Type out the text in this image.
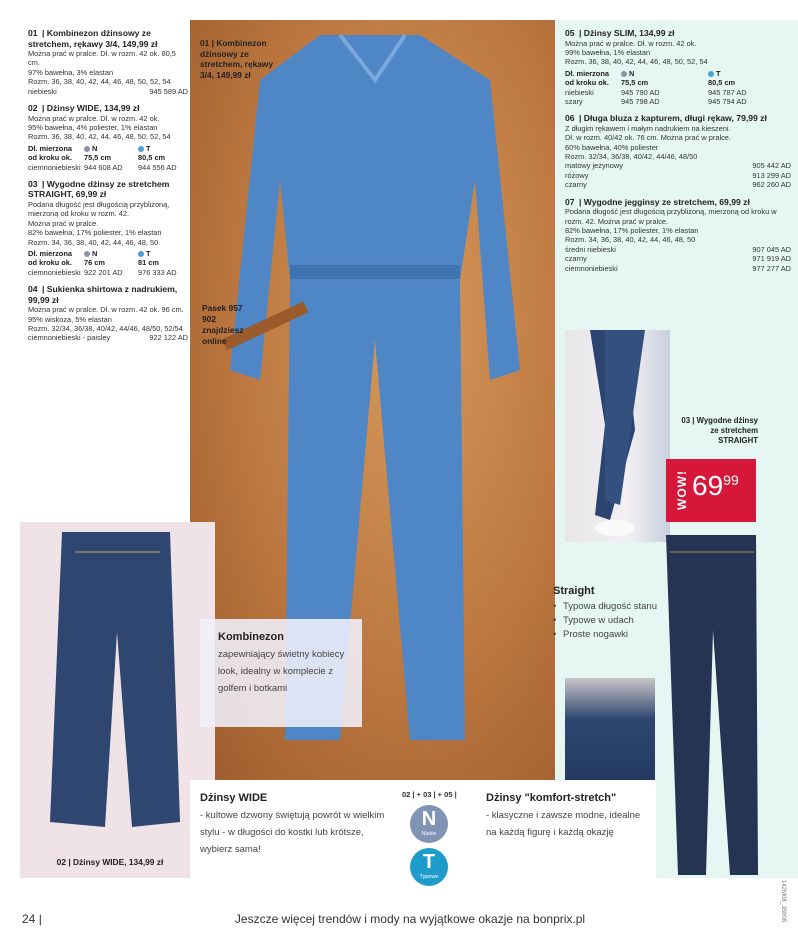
01 | Kombinezon dżinsowy ze stretchem, rękawy 3/4, 149,99 zł
Pasek 957 902 znajdziesz online
Kombinezon
zapewniający świetny kobiecy look, idealny w komplecie z golfem i botkami
01 | Kombinezon dżinsowy ze stretchem, rękawy 3/4, 149,99 zł
Można prać w pralce. Dł. w rozm. 42 ok. 80,5 cm.
97% bawełna, 3% elastan
Rozm. 36, 38, 40, 42, 44, 46, 48, 50, 52, 54
niebieski	945 589 AD
02 | Dżinsy WIDE, 134,99 zł
Można prać w pralce. Dł. w rozm. 42 ok.
95% bawełna, 4% poliester, 1% elastan
Rozm. 36, 38, 40, 42, 44, 46, 48, 50, 52, 54
Dł. mierzona od kroku ok.
N	T
75,5 cm	80,5 cm
ciemnoniebieski 944 608 AD	944 556 AD
03 | Wygodne dżinsy ze stretchem STRAIGHT, 69,99 zł
Podana długość jest długością przybliżoną, mierzoną od kroku w rozm. 42.
Można prać w pralce.
82% bawełna, 17% poliester, 1% elastan
Rozm. 34, 36, 38, 40, 42, 44, 46, 48, 50
Dł. mierzona od kroku ok.
N	T
76 cm	81 cm
ciemnoniebieski 922 201 AD	976 333 AD
04 | Sukienka shirtowa z nadrukiem, 99,99 zł
Można prać w pralce. Dł. w rozm. 42 ok. 96 cm.
95% wiskoza, 5% elastan
Rozm. 32/34, 36/38, 40/42, 44/46, 48/50, 52/54
ciemnoniebieski - paisley	922 122 AD
05 | Dżinsy SLIM, 134,99 zł
Można prać w pralce. Dł. w rozm. 42 ok.
99% bawełna, 1% elastan
Rozm. 36, 38, 40, 42, 44, 46, 48, 50, 52, 54
Dł. mierzona od kroku ok.
N	T
75,5 cm	80,5 cm
niebieski	945 790 AD	945 787 AD
szary	945 798 AD	945 794 AD
06 | Długa bluza z kapturem, długi rękaw, 79,99 zł
Z długim rękawem i małym nadrukiem na kieszeni.
Dł. w rozm. 40/42 ok. 76 cm. Można prać w pralce.
60% bawełna, 40% poliester
Rozm. 32/34, 36/38, 40/42, 44/46, 48/50
matowy jeżynowy	905 442 AD
różowy	913 299 AD
czarny	962 260 AD
07 | Wygodne jegginsy ze stretchem, 69,99 zł
Podana długość jest długością przybliżoną, mierzoną od kroku w rozm. 42. Można prać w pralce.
82% bawełna, 17% poliester, 1% elastan
Rozm. 34, 36, 38, 40, 42, 44, 46, 48, 50
średni niebieski	907 045 AD
czarny	971 919 AD
ciemnoniebieski	977 277 AD
02 | Dżinsy WIDE, 134,99 zł
Dżinsy WIDE
- kultowe dzwony świętują powrót w wielkim stylu - w długości do kostki lub krótsze, wybierz sama!
02 | + 03 | + 05 |
N
Niskie
T
Typowe
Dżinsy "komfort-stretch"
- klasyczne i zawsze modne, idealne na każdą figurę i każdą okazję
03 | Wygodne dżinsy ze stretchem STRAIGHT
WOW! $69^{99}$
Straight
• Typowa długość stanu
• Typowe w udach
• Proste nogawki
24 |	Jeszcze więcej trendów i mody na wyjątkowe okazje na bonprix.pl	142M08_JB008
